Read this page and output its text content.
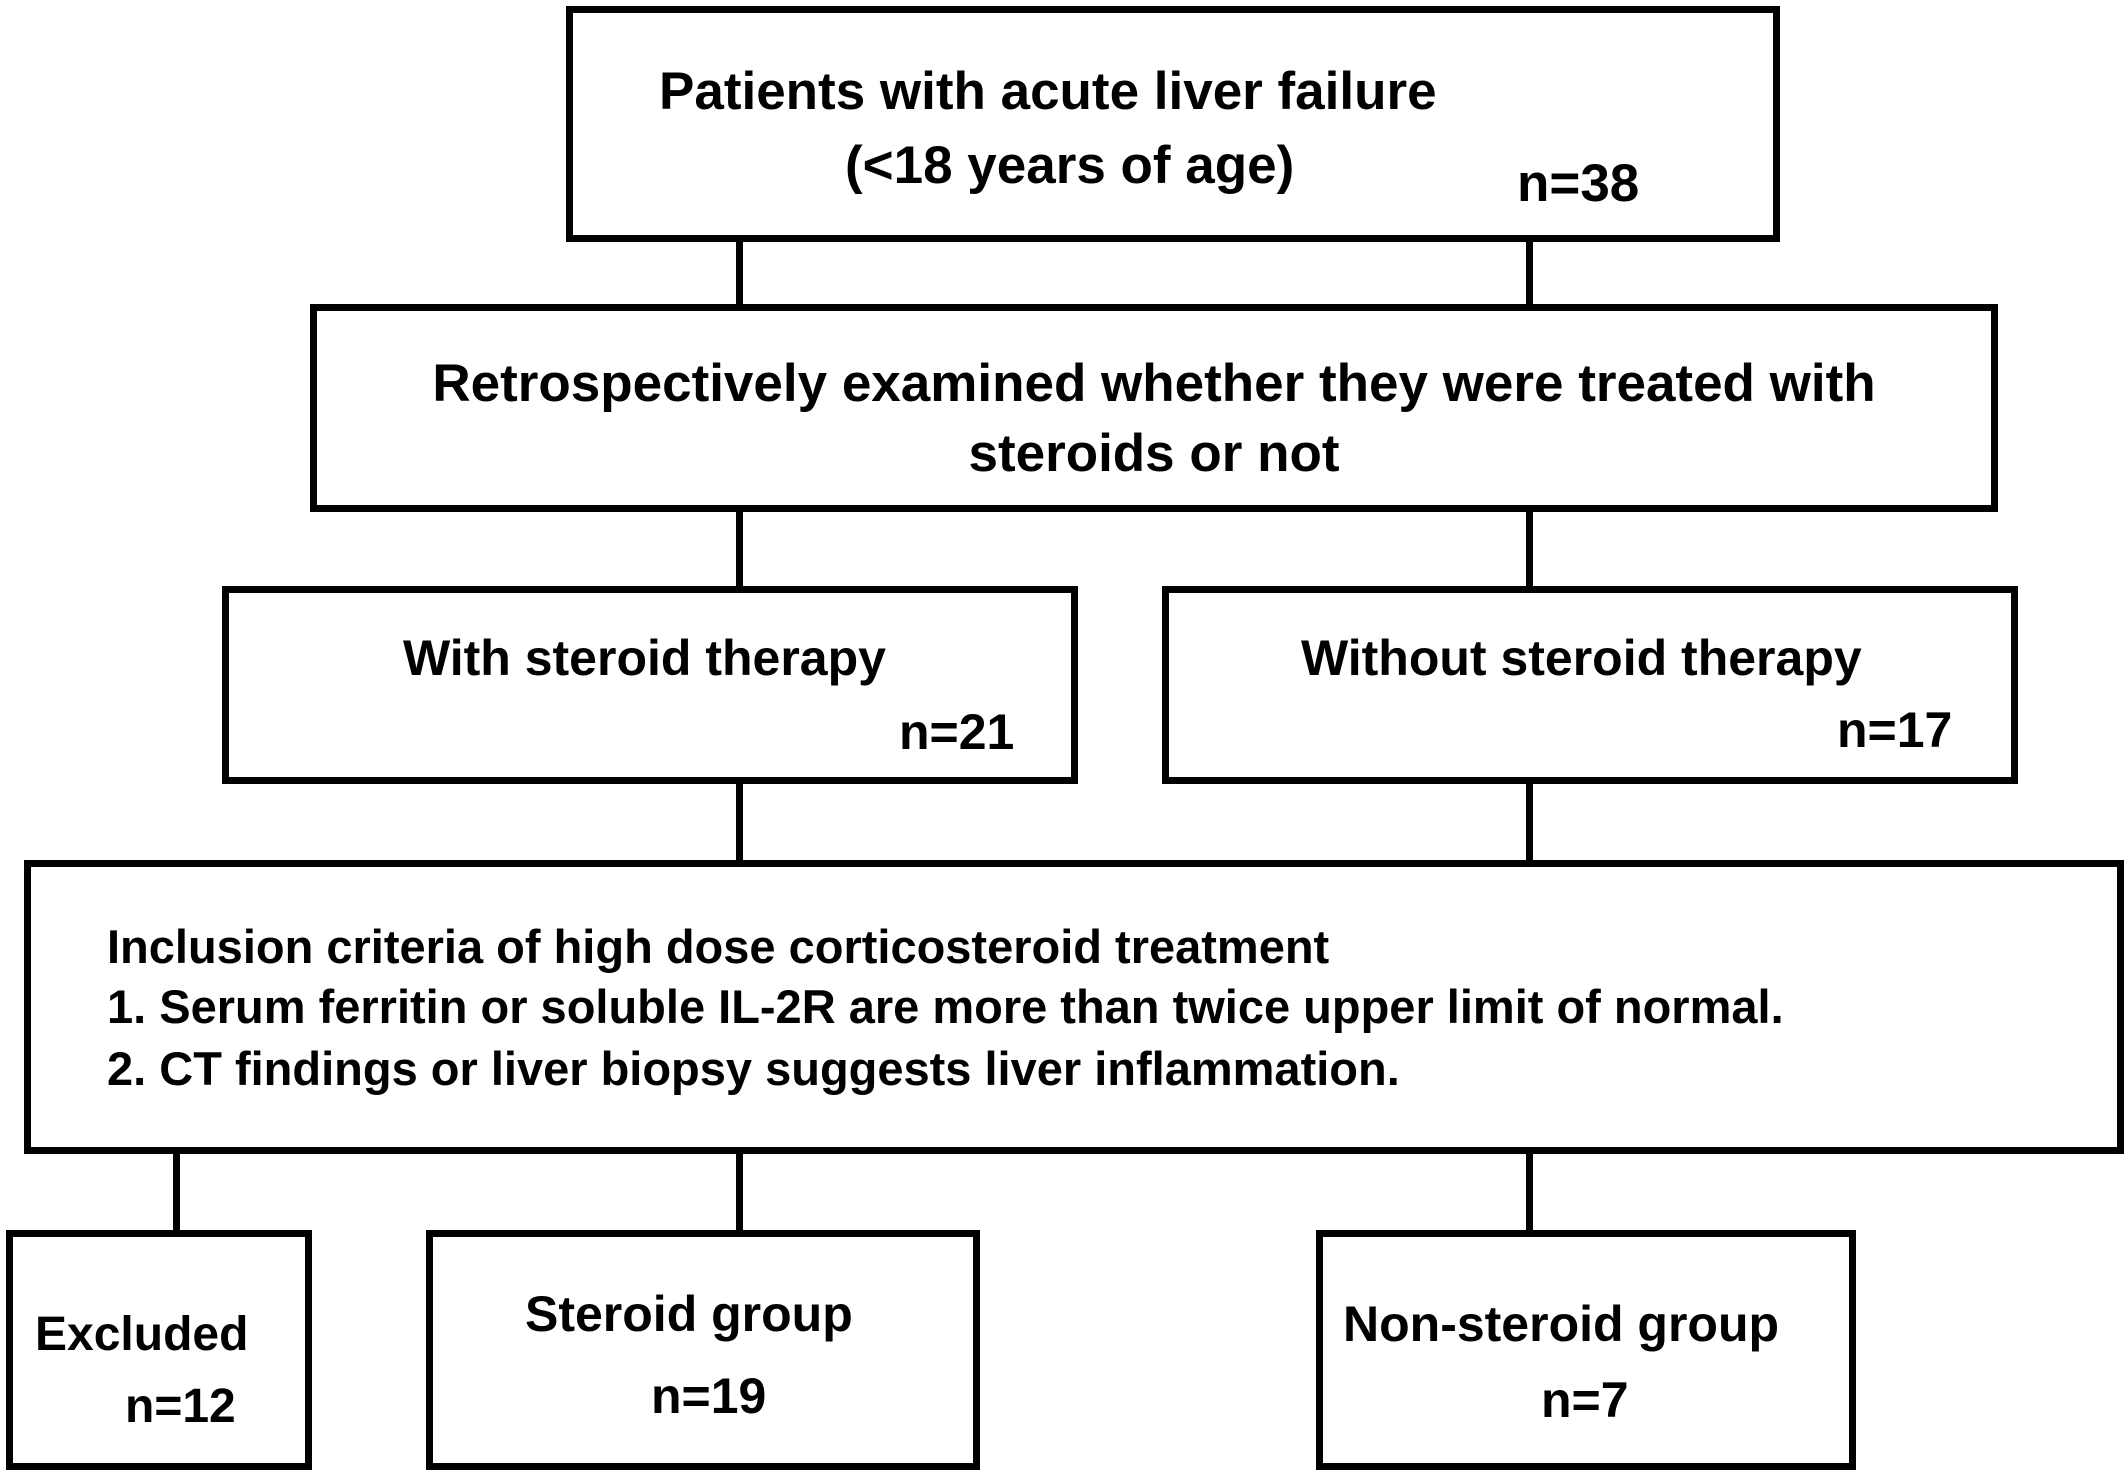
Patients with acute liver failure
(<18 years of age)	n=38
Retrospectively examined whether they were treated with
steroids or not
With steroid therapy
n=21
Without steroid therapy
n=17
Inclusion criteria of high dose corticosteroid treatment
1. Serum ferritin or soluble IL-2R are more than twice upper limit of normal.
2. CT findings or liver biopsy suggests liver inflammation.
Excluded
n=12
Steroid group
n=19
Non-steroid group
n=7
